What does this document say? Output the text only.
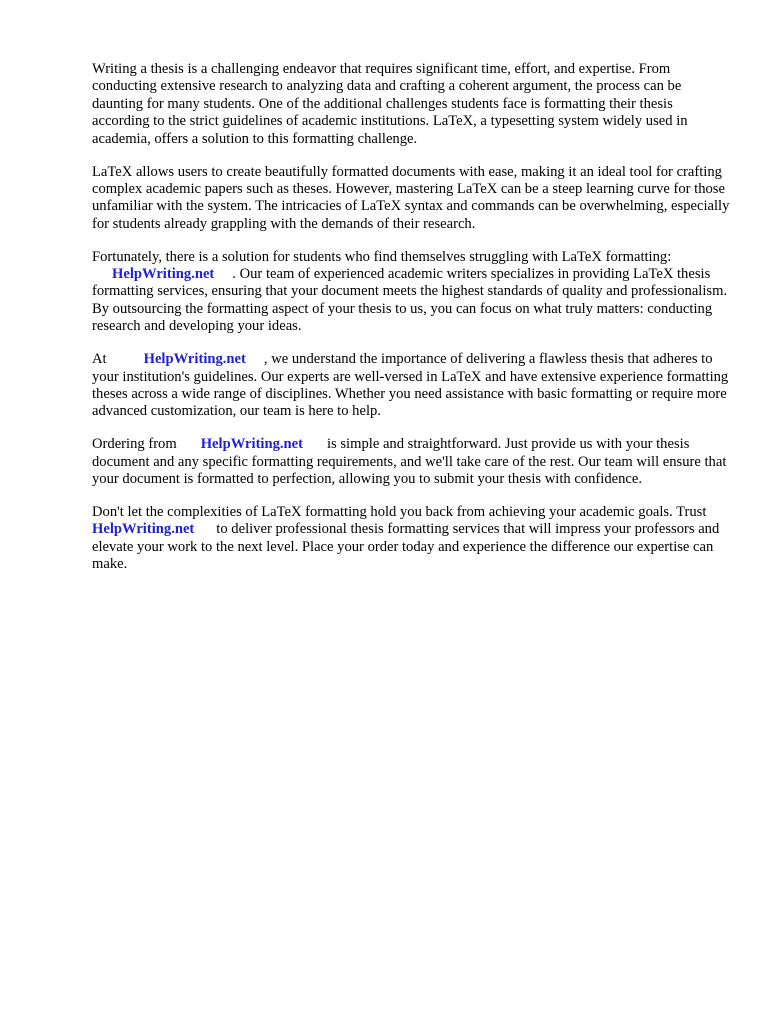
Writing a thesis is a challenging endeavor that requires significant time, effort, and expertise. From conducting extensive research to analyzing data and crafting a coherent argument, the process can be daunting for many students. One of the additional challenges students face is formatting their thesis according to the strict guidelines of academic institutions. LaTeX, a typesetting system widely used in academia, offers a solution to this formatting challenge.

LaTeX allows users to create beautifully formatted documents with ease, making it an ideal tool for crafting complex academic papers such as theses. However, mastering LaTeX can be a steep learning curve for those unfamiliar with the system. The intricacies of LaTeX syntax and commands can be overwhelming, especially for students already grappling with the demands of their research.

Fortunately, there is a solution for students who find themselves struggling with LaTeX formatting:
HelpWriting.net . Our team of experienced academic writers specializes in providing LaTeX thesis formatting services, ensuring that your document meets the highest standards of quality and professionalism. By outsourcing the formatting aspect of your thesis to us, you can focus on what truly matters: conducting research and developing your ideas.

At	HelpWriting.net , we understand the importance of delivering a flawless thesis that adheres to your institution's guidelines. Our experts are well-versed in LaTeX and have extensive experience formatting theses across a wide range of disciplines. Whether you need assistance with basic formatting or require more advanced customization, our team is here to help.

Ordering from HelpWriting.net is simple and straightforward. Just provide us with your thesis document and any specific formatting requirements, and we'll take care of the rest. Our team will ensure that your document is formatted to perfection, allowing you to submit your thesis with confidence.

Don't let the complexities of LaTeX formatting hold you back from achieving your academic goals. TrustHelpWriting.net to deliver professional thesis formatting services that will impress your professors and elevate your work to the next level. Place your order today and experience the difference our expertise can make.
